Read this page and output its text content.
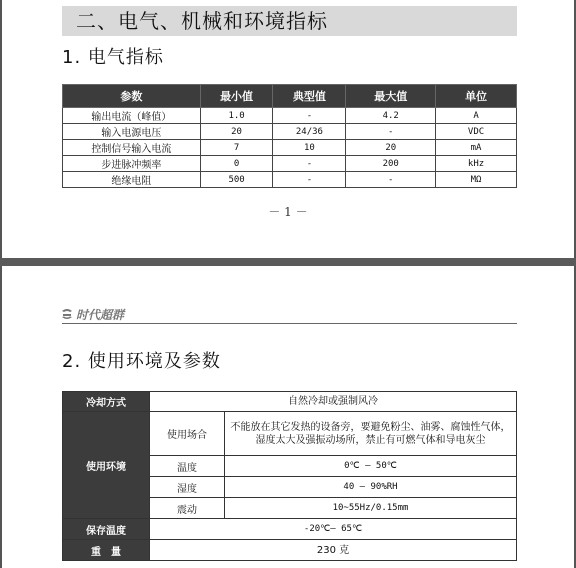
二、电气、机械和环境指标
1. 电气指标
参数	最小值	典型值	最大值	单位
输出电流（峰值）	1.0	-	4.2	A
输入电源电压	20	24/36	-	VDC
控制信号输入电流	7	10	20	mA
步进脉冲频率	0	-	200	kHz
绝缘电阻	500	-	-	MΩ
－ 1 －
时代超群
2. 使用环境及参数
冷却方式	自然冷却或强制风冷	
使用环境	使用场合	不能放在其它发热的设备旁，要避免粉尘、油雾、腐蚀性气体，湿度太大及强振动场所，禁止有可燃气体和导电灰尘
	温度	0℃ — 50℃
	湿度	40 — 90%RH
	震动	10~55Hz/0.15mm
保存温度	-20℃— 65℃	
重　量	230 克	
